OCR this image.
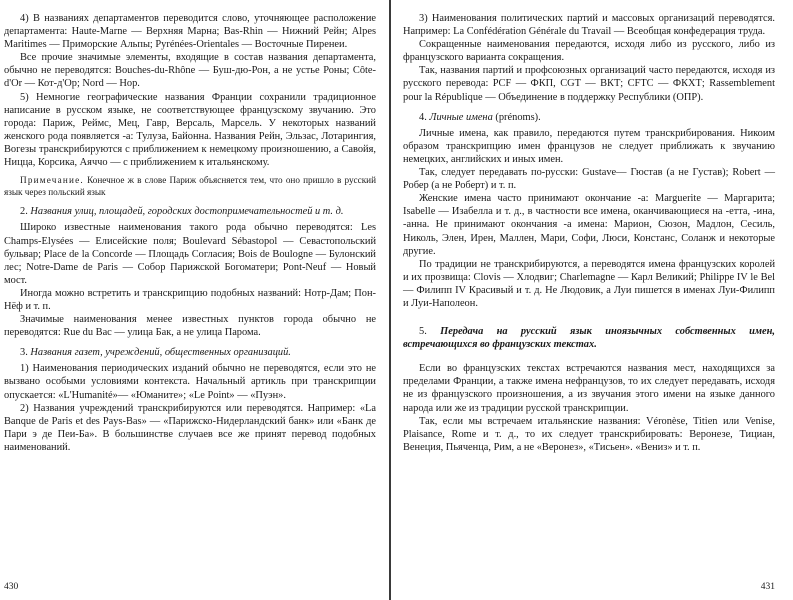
4) В названиях департаментов переводится слово, уточняющее расположение департамента: Haute-Marne — Верхняя Марна; Bas-Rhin — Нижний Рейн; Alpes Maritimes — Приморские Альпы; Pyrénées-Orientales — Восточные Пиренеи.

Все прочие значимые элементы, входящие в состав названия департамента, обычно не переводятся: Bouches-du-Rhône — Буш-дю-Рон, а не устье Роны; Côte-d'Or — Кот-д'Ор; Nord — Нор.

5) Немногие географические названия Франции сохранили традиционное написание в русском языке, не соответствующее французскому звучанию. Это города: Париж, Реймс, Мец, Гавр, Версаль, Марсель. У некоторых названий женского рода появляется -а: Тулуза, Байонна. Названия Рейн, Эльзас, Лотарингия, Вогезы транскрибируются с приближением к немецкому произношению, а Савойя, Ницца, Корсика, Аяччо — с приближением к итальянскому.

Примечание. Конечное ж в слове Париж объясняется тем, что оно пришло в русский язык через польский язык

2. Названия улиц, площадей, городских достопримечательностей и т. д.

Широко известные наименования такого рода обычно переводятся: Les Champs-Elysées — Елисейские поля; Boulevard Sébastopol — Севастопольский бульвар; Place de la Concorde — Площадь Согласия; Bois de Boulogne — Булонский лес; Notre-Dame de Paris — Собор Парижской Богоматери; Pont-Neuf — Новый мост.

Иногда можно встретить и транскрипцию подобных названий: Нотр-Дам; Пон-Нёф и т. п.

Значимые наименования менее известных пунктов города обычно не переводятся: Rue du Bac — улица Бак, а не улица Парома.

3. Названия газет, учреждений, общественных организаций.

1) Наименования периодических изданий обычно не переводятся, если это не вызвано особыми условиями контекста. Начальный артикль при транскрипции опускается: «L'Humanité»— «Юманите»; «Le Point» — «Пуэн».

2) Названия учреждений транскрибируются или переводятся. Например: «La Banque de Paris et des Pays-Bas» — «Парижско-Нидерландский банк» или «Банк де Пари э де Пеи-Ба». В большинстве случаев все же принят перевод подобных наименований.

430

3) Наименования политических партий и массовых организаций переводятся. Например: La Confédération Générale du Travail — Всеобщая конфедерация труда.

Сокращенные наименования передаются, исходя либо из русского, либо из французского варианта сокращения.

Так, названия партий и профсоюзных организаций часто передаются, исходя из русского перевода: PCF — ФКП, CGT — ВКТ; CFTC — ФКХТ; Rassemblement pour la République — Объединение в поддержку Республики (ОПР).

4. Личные имена (prénoms).

Личные имена, как правило, передаются путем транскрибирования. Никоим образом транскрипцию имен французов не следует приближать к звучанию немецких, английских и иных имен.

Так, следует передавать по-русски: Gustave— Гюстав (а не Густав); Robert — Робер (а не Роберт) и т. п.

Женские имена часто принимают окончание -а: Marguerite — Маргарита; Isabelle — Изабелла и т. д., в частности все имена, оканчивающиеся на -етта, -ина, -анна. Не принимают окончания -а имена: Марион, Сюзон, Мадлон, Сесиль, Николь, Элен, Ирен, Маллен, Мари, Софи, Люси, Констанс, Соланж и некоторые другие.

По традиции не транскрибируются, а переводятся имена французских королей и их прозвища: Clovis — Хлодвиг; Charlemagne — Карл Великий; Philippe IV le Bel — Филипп IV Красивый и т. д. Не Людовик, а Луи пишется в именах Луи-Филипп и Луи-Наполеон.

5. Передача на русский язык иноязычных собственных имен, встречающихся во французских текстах.

Если во французских текстах встречаются названия мест, находящихся за пределами Франции, а также имена нефранцузов, то их следует передавать, исходя не из французского произношения, а из звучания этого имени на языке данного народа или же из традиции русской транскрипции.

Так, если мы встречаем итальянские названия: Véronèse, Titien или Venise, Plaisance, Rome и т. д., то их следует транскрибировать: Веронезе, Тициан, Венеция, Пьяченца, Рим, а не «Веронез», «Тисьен». «Вениз» и т. п.

431
